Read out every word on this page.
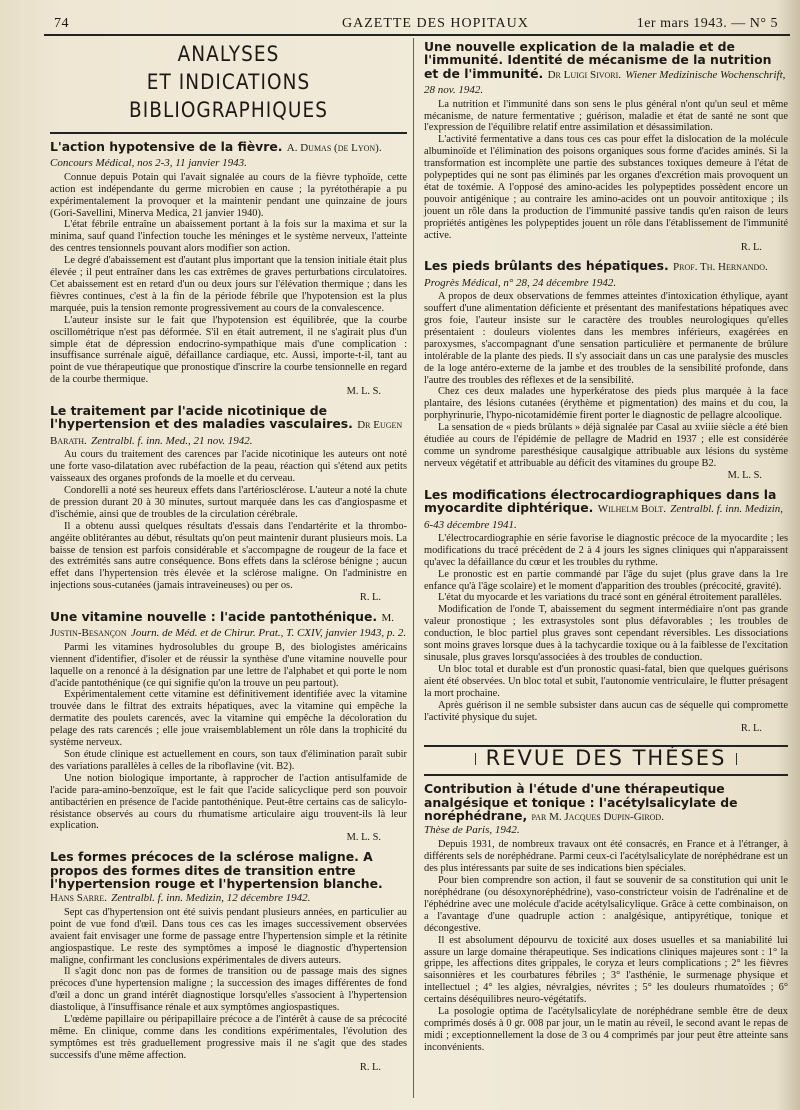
74	GAZETTE DES HOPITAUX	1er mars 1943. — N° 5
ANALYSES
ET INDICATIONS BIBLIOGRAPHIQUES
L'action hypotensive de la fièvre. A. Dumas (de Lyon). Concours Médical, nos 2-3, 11 janvier 1943.

Connue depuis Potain qui l'avait signalée au cours de la fièvre typhoïde, cette action est indépendante du germe microbien en cause ; la pyrétothérapie a pu expérimentalement la provoquer et la maintenir pendant une quinzaine de jours (Gori-Savellini, Minerva Medica, 21 janvier 1940).

L'état fébrile entraîne un abaissement portant à la fois sur la maxima et sur la minima, sauf quand l'infection touche les méninges et le système nerveux, l'atteinte des centres tensionnels pouvant alors modifier son action.

Le degré d'abaissement est d'autant plus important que la tension initiale était plus élevée ; il peut entraîner dans les cas extrêmes de graves perturbations circulatoires. Cet abaissement est en retard d'un ou deux jours sur l'élévation thermique ; dans les fièvres continues, c'est à la fin de la période fébrile que l'hypotension est la plus marquée, puis la tension remonte progressivement au cours de la convalescence.

L'auteur insiste sur le fait que l'hypotension est équilibrée, que la courbe oscillométrique n'est pas déformée. S'il en était autrement, il ne s'agirait plus d'un simple état de dépression endocrino-sympathique mais d'une complication : insuffisance surrénale aiguë, défaillance cardiaque, etc. Aussi, importe-t-il, tant au point de vue thérapeutique que pronostique d'inscrire la courbe tensionnelle en regard de la courbe thermique.

M. L. S.
Le traitement par l'acide nicotinique de l'hypertension et des maladies vasculaires. Dr Eugen Barath. Zentralbl. f. inn. Med., 21 nov. 1942.

Au cours du traitement des carences par l'acide nicotinique les auteurs ont noté une forte vaso-dilatation avec rubéfaction de la peau, réaction qui s'étend aux petits vaisseaux des organes profonds de la moelle et du cerveau.

Condorelli a noté ses heureux effets dans l'artériosclérose. L'auteur a noté la chute de pression durant 20 à 30 minutes, surtout marquée dans les cas d'angiospasme et d'ischémie, ainsi que de troubles de la circulation cérébrale.

Il a obtenu aussi quelques résultats d'essais dans l'endartérite et la thrombo-angéite oblitérantes au début, résultats qu'on peut maintenir durant plusieurs mois. La baisse de tension est parfois considérable et s'accompagne de rougeur de la face et des extrémités sans autre conséquence. Bons effets dans la sclérose bénigne ; aucun effet dans l'hypertension très élevée et la sclérose maligne. On l'administre en injections sous-cutanées (jamais intraveineuses) ou per os.

R. L.
Une vitamine nouvelle : l'acide pantothénique. M. Justin-Besançon Journ. de Méd. et de Chirur. Prat., T. CXIV, janvier 1943, p. 2.

Parmi les vitamines hydrosolubles du groupe B, des biologistes américains viennent d'identifier, d'isoler et de réussir la synthèse d'une vitamine nouvelle pour laquelle on a renoncé à la désignation par une lettre de l'alphabet et qui porte le nom d'acide pantothénique (ce qui signifie qu'on la trouve un peu partout).

Expérimentalement cette vitamine est définitivement identifiée avec la vitamine trouvée dans le filtrat des extraits hépatiques, avec la vitamine qui empêche la dermatite des poulets carencés, avec la vitamine qui empêche la décoloration du pelage des rats carencés ; elle joue vraisemblablement un rôle dans la trophicité du système nerveux.

Son étude clinique est actuellement en cours, son taux d'élimination paraît subir des variations parallèles à celles de la riboflavine (vit. B2).

Une notion biologique importante, à rapprocher de l'action antisulfamide de l'acide para-amino-benzoïque, est le fait que l'acide salicyclique perd son pouvoir antibactérien en présence de l'acide pantothénique. Peut-être certains cas de salicylo-résistance observés au cours du rhumatisme articulaire aigu trouvent-ils là leur explication.

M. L. S.
Les formes précoces de la sclérose maligne. A propos des formes dites de transition entre l'hypertension rouge et l'hypertension blanche. Hans Sarre. Zentralbl. f. inn. Medizin, 12 décembre 1942.

Sept cas d'hypertension ont été suivis pendant plusieurs années, en particulier au point de vue fond d'œil. Dans tous ces cas les images successivement observées avaient fait envisager une forme de passage entre l'hypertension simple et la rétinite angiospastique. Le reste des symptômes a imposé le diagnostic d'hypertension maligne, confirmant les conclusions expérimentales de divers auteurs.

Il s'agit donc non pas de formes de transition ou de passage mais des signes précoces d'une hypertension maligne ; la succession des images différentes de fond d'œil a donc un grand intérêt diagnostique lorsqu'elles s'associent à l'hypertension diastolique, à l'insuffisance rénale et aux symptômes angiospastiques.

L'œdème papillaire ou péripapillaire précoce a de l'intérêt à cause de sa précocité même. En clinique, comme dans les conditions expérimentales, l'évolution des symptômes est très graduellement progressive mais il ne s'agit que des stades successifs d'une même affection.

R. L.
Une nouvelle explication de la maladie et de l'immunité. Identité de mécanisme de la nutrition et de l'immunité. Dr Luigi Sivori. Wiener Medizinische Wochenschrift, 28 nov. 1942.

La nutrition et l'immunité dans son sens le plus général n'ont qu'un seul et même mécanisme, de nature fermentative ; guérison, maladie et état de santé ne sont que l'expression de l'équilibre relatif entre assimilation et désassimilation.

L'activité fermentative a dans tous ces cas pour effet la dislocation de la molécule albuminoïde et l'élimination des poisons organiques sous forme d'acides aminés. Si la transformation est incomplète une partie des substances toxiques demeure à l'état de polypeptides qui ne sont pas éliminés par les organes d'excrétion mais provoquent un état de toxémie. A l'opposé des amino-acides les polypeptides possèdent encore un pouvoir antigénique ; au contraire les amino-acides ont un pouvoir antitoxique ; ils jouent un rôle dans la production de l'immunité passive tandis qu'en raison de leurs propriétés antigènes les polypeptides jouent un rôle dans l'établissement de l'immunité active.

R. L.
Les pieds brûlants des hépatiques. Prof. Th. Hernando. Progrès Médical, n° 28, 24 décembre 1942.

A propos de deux observations de femmes atteintes d'intoxication éthylique, ayant souffert d'une alimentation déficiente et présentant des manifestations hépatiques avec gros foie, l'auteur insiste sur le caractère des troubles neurologiques qu'elles présentaient : douleurs violentes dans les membres inférieurs, exagérées en paroxysmes, s'accompagnant d'une sensation particulière et permanente de brûlure intolérable de la plante des pieds. Il s'y associait dans un cas une paralysie des muscles de la loge antéro-externe de la jambe et des troubles de la sensibilité profonde, dans l'autre des troubles des réflexes et de la sensibilité.

Chez ces deux malades une hyperkératose des pieds plus marquée à la face plantaire, des lésions cutanées (érythème et pigmentation) des mains et du cou, la porphyrinurie, l'hypo-nicotamidémie firent porter le diagnostic de pellagre alcoolique.

La sensation de « pieds brûlants » déjà signalée par Casal au xviiie siècle a été bien étudiée au cours de l'épidémie de pellagre de Madrid en 1937 ; elle est considérée comme un syndrome paresthésique causalgique attribuable aux lésions du système nerveux végétatif et attribuable au déficit des vitamines du groupe B2.

M. L. S.
Les modifications électrocardiographiques dans la myocardite diphtérique. Wilhelm Bolt. Zentralbl. f. inn. Medizin, 6-43 décembre 1941.

L'électrocardiographie en série favorise le diagnostic précoce de la myocardite ; les modifications du tracé précèdent de 2 à 4 jours les signes cliniques qui n'apparaissent qu'avec la défaillance du cœur et les troubles du rythme.

Le pronostic est en partie commandé par l'âge du sujet (plus grave dans la 1re enfance qu'à l'âge scolaire) et le moment d'apparition des troubles (précocité, gravité).

L'état du myocarde et les variations du tracé sont en général étroitement parallèles.

Modification de l'onde T, abaissement du segment intermédiaire n'ont pas grande valeur pronostique ; les extrasystoles sont plus défavorables ; les troubles de conduction, le bloc partiel plus graves sont cependant réversibles. Les dissociations sont moins graves lorsque dues à la tachycardie toxique ou à la faiblesse de l'excitation sinusale, plus graves lorsqu'associées à des troubles de conduction.

Un bloc total et durable est d'un pronostic quasi-fatal, bien que quelques guérisons aient été observées. Un bloc total et subit, l'autonomie ventriculaire, le flutter présagent la mort prochaine.

Après guérison il ne semble subsister dans aucun cas de séquelle qui compromette l'activité physique du sujet.

R. L.
REVUE DES THÈSES
Contribution à l'étude d'une thérapeutique analgésique et tonique : l'acétylsalicylate de noréphédrane, par M. Jacques Dupin-Girod.
Thèse de Paris, 1942.

Depuis 1931, de nombreux travaux ont été consacrés, en France et à l'étranger, à différents sels de noréphédrane. Parmi ceux-ci l'acétylsalicylate de noréphédrane est un des plus intéressants par suite de ses indications bien spéciales.

Pour bien comprendre son action, il faut se souvenir de sa constitution qui unit le noréphédrane (ou désoxynoréphédrine), vaso-constricteur voisin de l'adrénaline et de l'éphédrine avec une molécule d'acide acétylsalicylique. Grâce à cette combinaison, on a l'avantage d'une quadruple action : analgésique, antipyrétique, tonique et décongestive.

Il est absolument dépourvu de toxicité aux doses usuelles et sa maniabilité lui assure un large domaine thérapeutique. Ses indications cliniques majeures sont : 1° la grippe, les affections dites grippales, le coryza et leurs complications ; 2° les fièvres saisonnières et les courbatures fébriles ; 3° l'asthénie, le surmenage physique et intellectuel ; 4° les algies, névralgies, névrites ; 5° les douleurs rhumatoïdes ; 6° certains déséquilibres neuro-végétatifs.

La posologie optima de l'acétylsalicylate de noréphédrane semble être de deux comprimés dosés à 0 gr. 008 par jour, un le matin au réveil, le second avant le repas de midi ; exceptionnellement la dose de 3 ou 4 comprimés par jour peut être atteinte sans inconvénients.
